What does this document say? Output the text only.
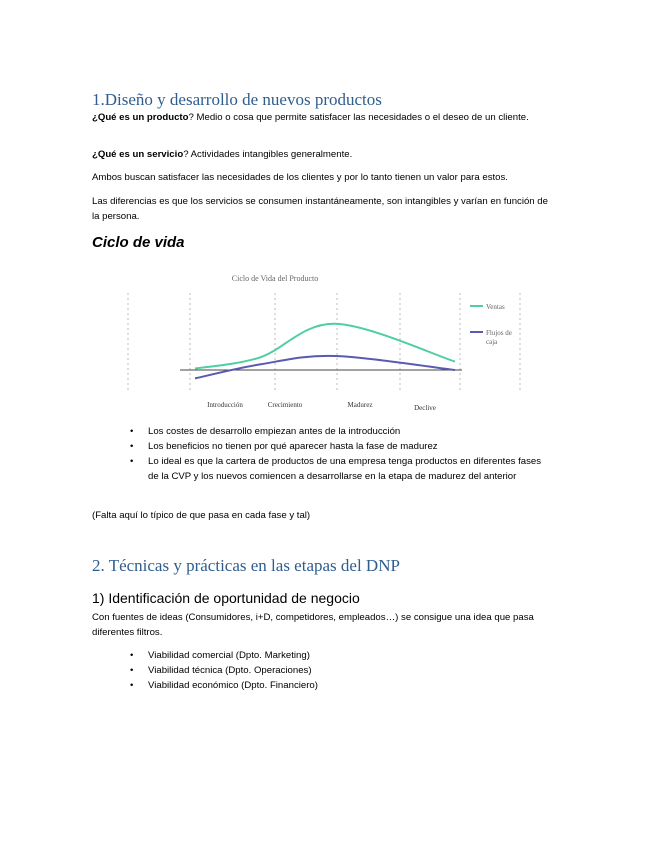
1.Diseño y desarrollo de nuevos productos
¿Qué es un producto? Medio o cosa que permite satisfacer las necesidades o el deseo de un cliente.
¿Qué es un servicio? Actividades intangibles generalmente.
Ambos buscan satisfacer las necesidades de los clientes y por lo tanto tienen un valor para estos.
Las diferencias es que los servicios se consumen instantáneamente, son intangibles y varían en función de la persona.
Ciclo de vida
Ciclo de Vida del Producto
Introducción	Crecimiento	Madurez	Declive
Ventas
Flujos de caja
• Los costes de desarrollo empiezan antes de la introducción
• Los beneficios no tienen por qué aparecer hasta la fase de madurez
• Lo ideal es que la cartera de productos de una empresa tenga productos en diferentes fases de la CVP y los nuevos comiencen a desarrollarse en la etapa de madurez del anterior
(Falta aquí lo típico de que pasa en cada fase y tal)
2. Técnicas y prácticas en las etapas del DNP
1) Identificación de oportunidad de negocio
Con fuentes de ideas (Consumidores, i+D, competidores, empleados…) se consigue una idea que pasa diferentes filtros.
• Viabilidad comercial (Dpto. Marketing)
• Viabilidad técnica (Dpto. Operaciones)
• Viabilidad económico (Dpto. Financiero)
